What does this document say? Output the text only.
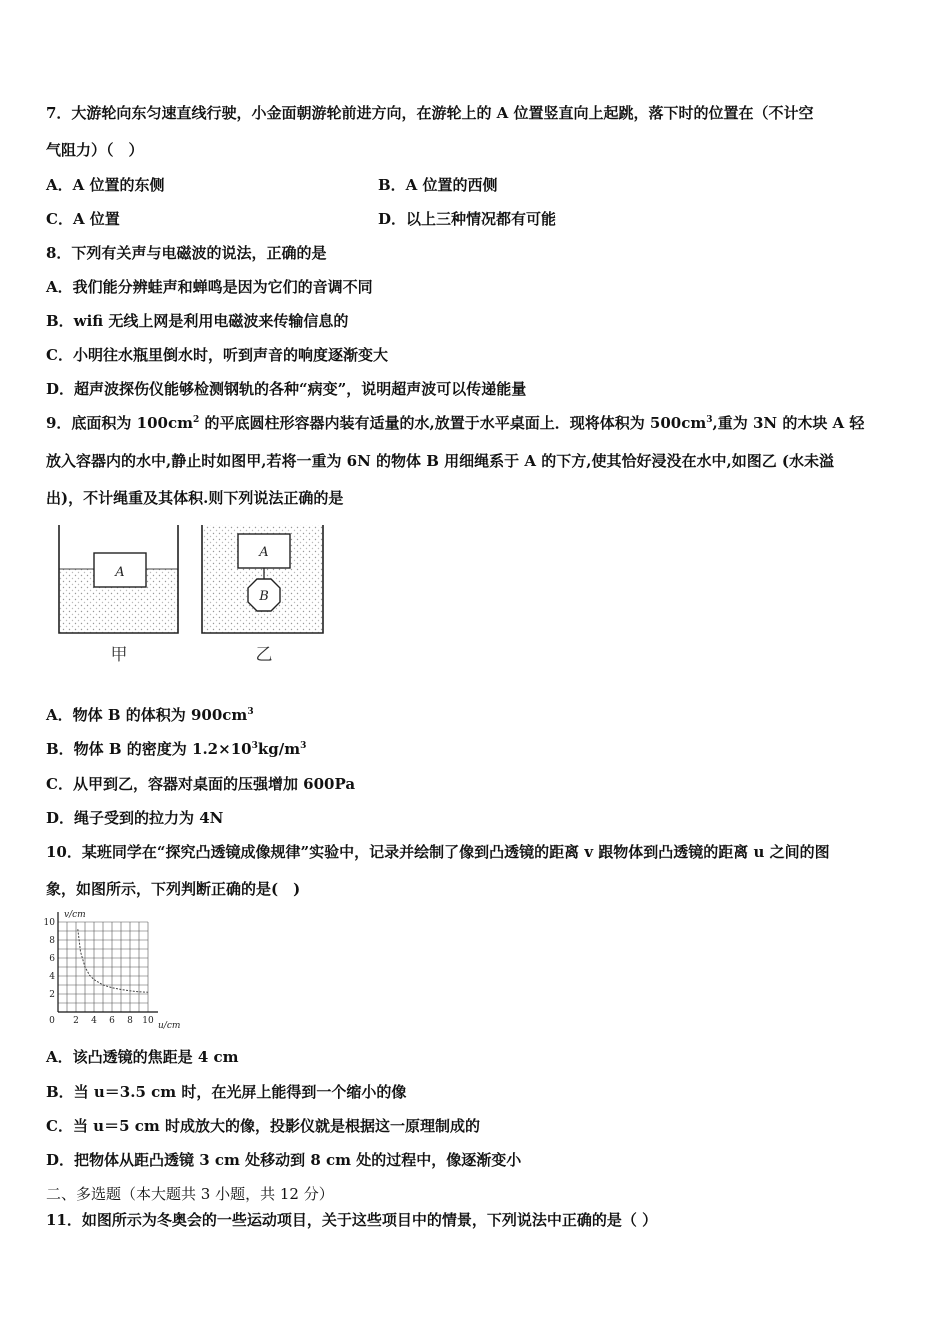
7．大游轮向东匀速直线行驶，小金面朝游轮前进方向，在游轮上的 A 位置竖直向上起跳，落下时的位置在（不计空
气阻力）（　）
A．A 位置的东侧	B．A 位置的西侧
C．A 位置	D．以上三种情况都有可能
8．下列有关声与电磁波的说法，正确的是
A．我们能分辨蛙声和蝉鸣是因为它们的音调不同
B．wifi 无线上网是利用电磁波来传输信息的
C．小明往水瓶里倒水时，听到声音的响度逐渐变大
D．超声波探伤仪能够检测钢轨的各种“病变”，说明超声波可以传递能量
9．底面积为 $100cm^2$ 的平底圆柱形容器内装有适量的水,放置于水平桌面上．现将体积为 $500cm^3$,重为 3N 的木块 A 轻
放入容器内的水中,静止时如图甲,若将一重为 6N 的物体 B 用细绳系于 A 的下方,使其恰好浸没在水中,如图乙 (水未溢
出)，不计绳重及其体积.则下列说法正确的是
A
A
B
甲	乙
A．物体 B 的体积为 $900cm^3$
B．物体 B 的密度为 $1.2\times 10^3kg/m^3$
C．从甲到乙，容器对桌面的压强增加 600Pa
D．绳子受到的拉力为 4N
10．某班同学在“探究凸透镜成像规律”实验中，记录并绘制了像到凸透镜的距离 v 跟物体到凸透镜的距离 u 之间的图
象，如图所示，下列判断正确的是(　)
0 2 4 6 8 10
2
4
6
8
10
v/cm
u/cm
A．该凸透镜的焦距是 4 cm
B．当 u＝3.5 cm 时，在光屏上能得到一个缩小的像
C．当 u＝5 cm 时成放大的像，投影仪就是根据这一原理制成的
D．把物体从距凸透镜 3 cm 处移动到 8 cm 处的过程中，像逐渐变小
二、多选题（本大题共 3 小题，共 12 分）
11．如图所示为冬奥会的一些运动项目，关于这些项目中的情景，下列说法中正确的是（ ）
